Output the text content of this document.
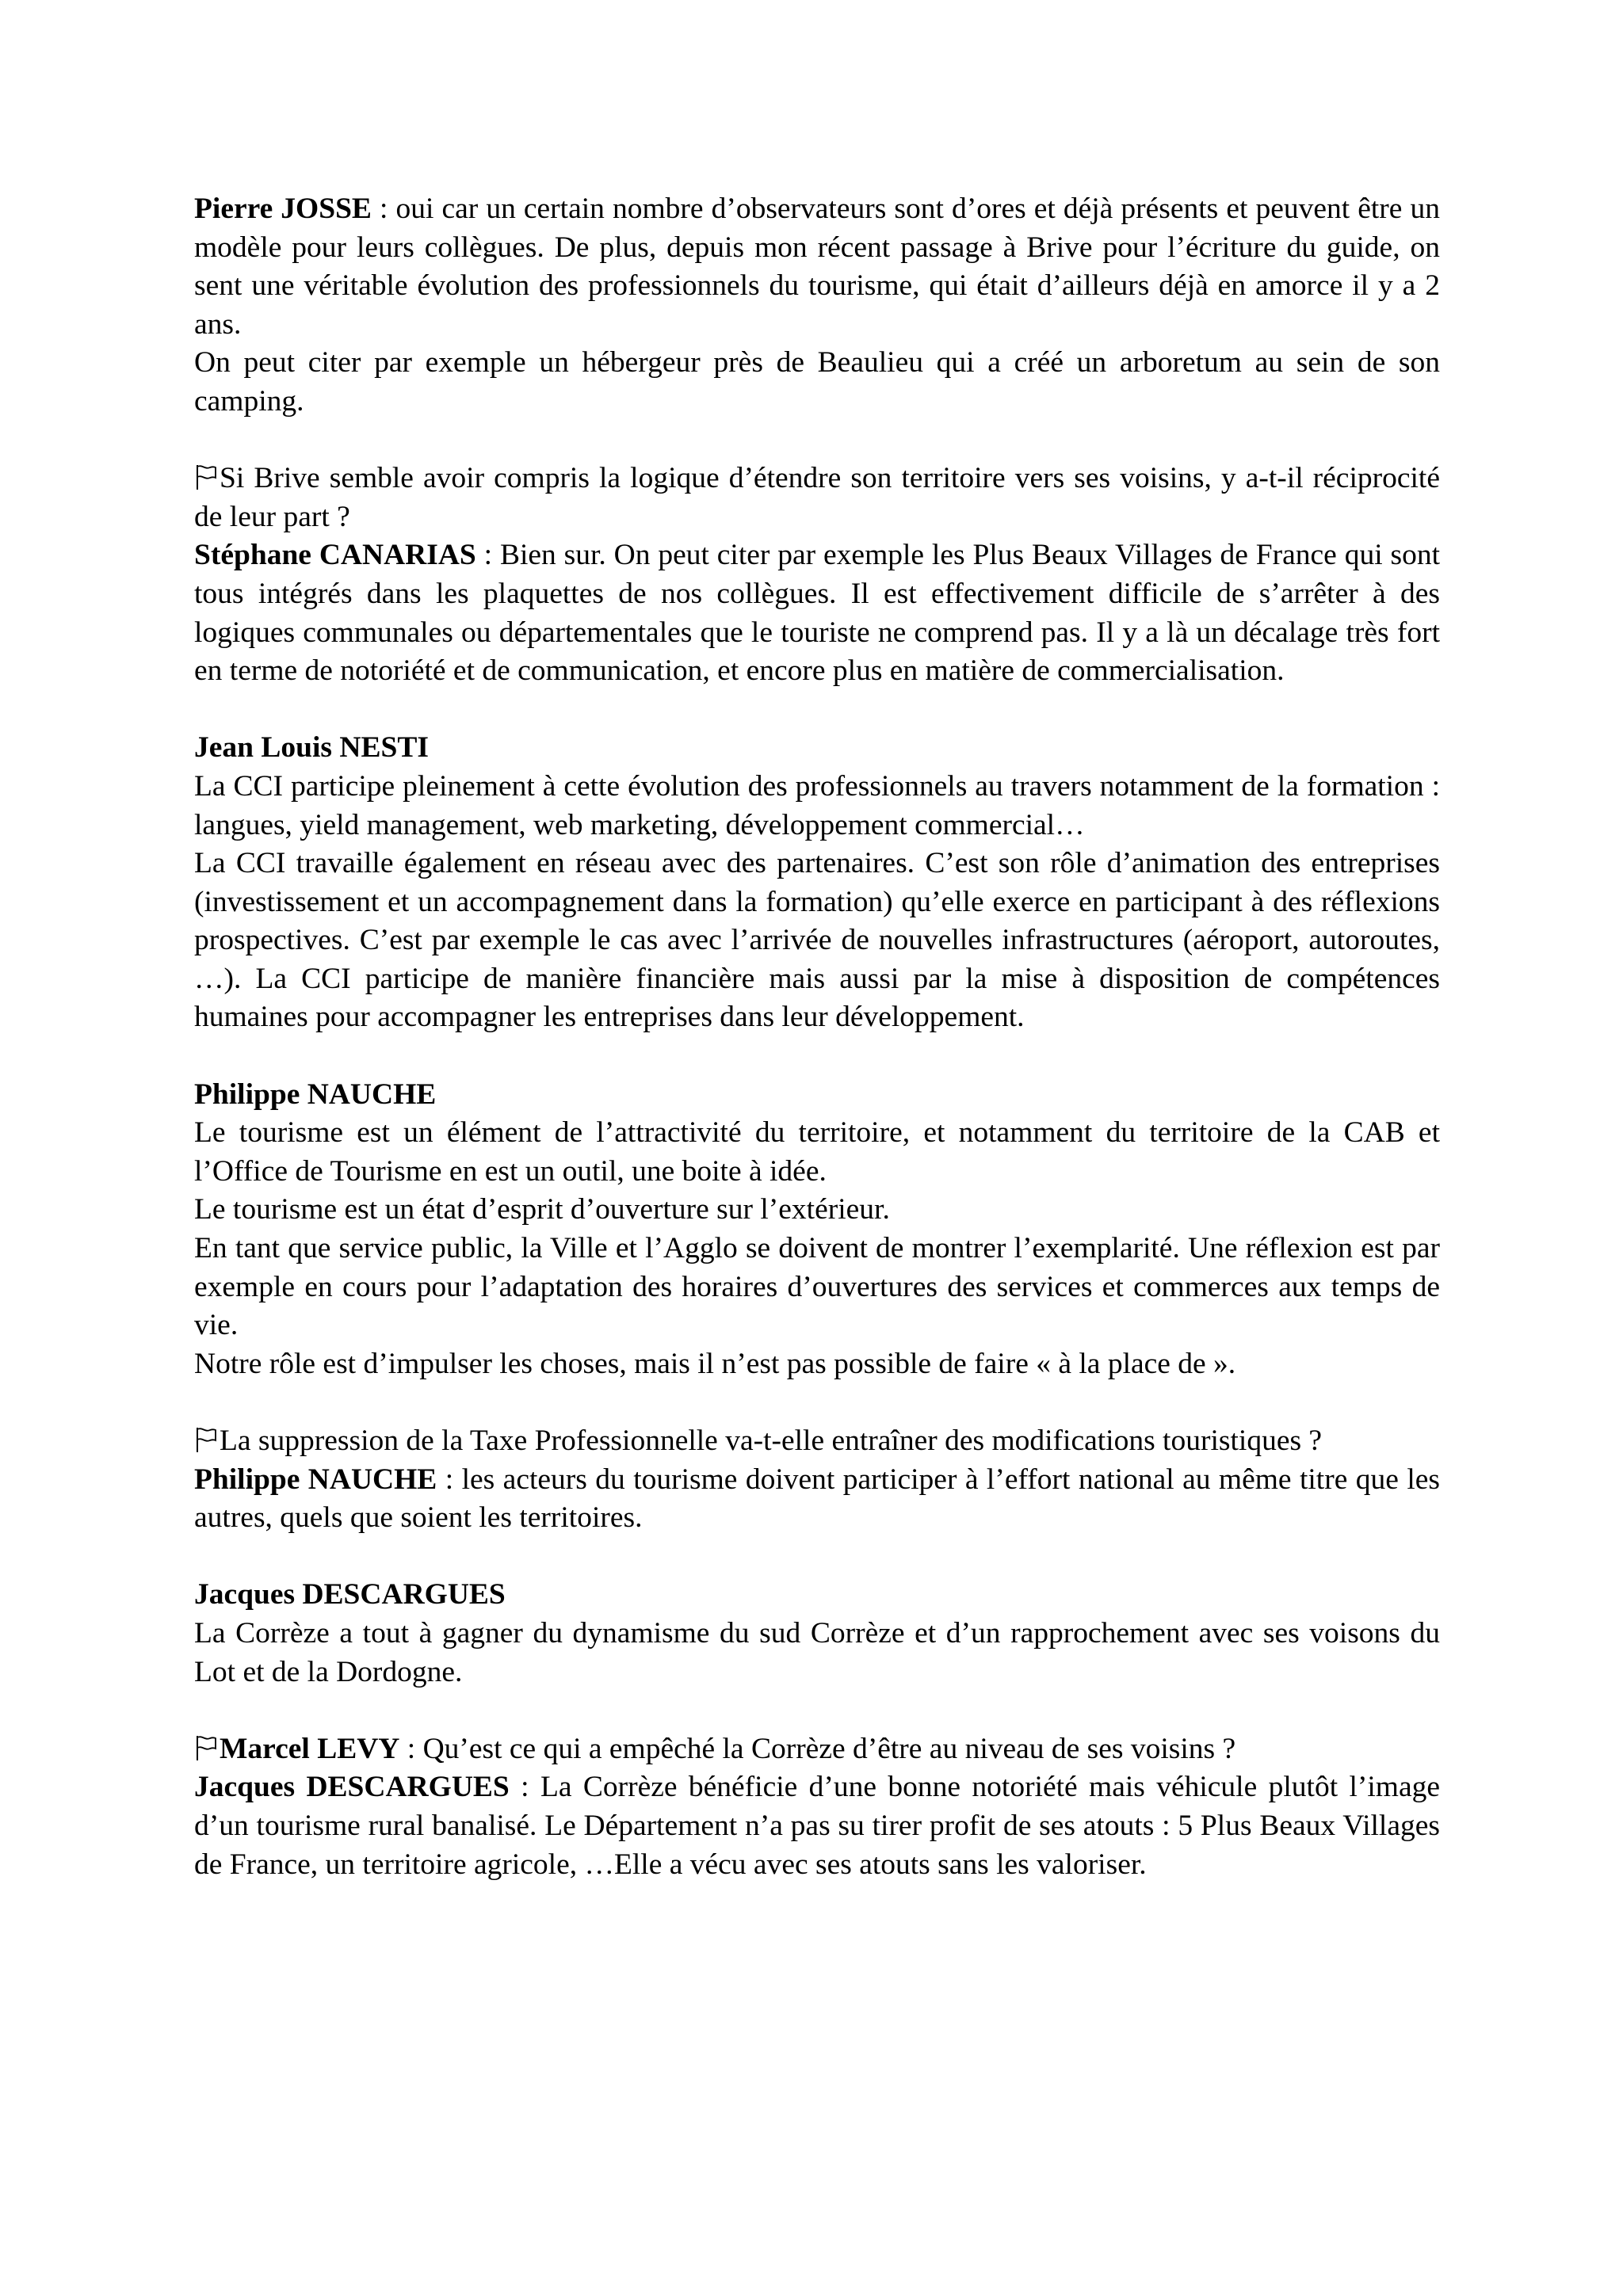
Pierre JOSSE : oui car un certain nombre d’observateurs sont d’ores et déjà présents et peuvent être un modèle pour leurs collègues. De plus, depuis mon récent passage à Brive pour l’écriture du guide, on sent une véritable évolution des professionnels du tourisme, qui était d’ailleurs déjà en amorce il y a 2 ans.

On peut citer par exemple un hébergeur près de Beaulieu qui a créé un arboretum au sein de son camping.

Si Brive semble avoir compris la logique d’étendre son territoire vers ses voisins, y a-t-il réciprocité de leur part ?

Stéphane CANARIAS : Bien sur. On peut citer par exemple les Plus Beaux Villages de France qui sont tous intégrés dans les plaquettes de nos collègues. Il est effectivement difficile de s’arrêter à des logiques communales ou départementales que le touriste ne comprend pas. Il y a là un décalage très fort en terme de notoriété et de communication, et encore plus en matière de commercialisation.

Jean Louis NESTI

La CCI participe pleinement à cette évolution des professionnels au travers notamment de la formation : langues, yield management, web marketing, développement commercial…

La CCI travaille également en réseau avec des partenaires. C’est son rôle d’animation des entreprises (investissement et un accompagnement dans la formation) qu’elle exerce en participant à des réflexions prospectives. C’est par exemple le cas avec l’arrivée de nouvelles infrastructures (aéroport, autoroutes, …). La CCI participe de manière financière mais aussi par la mise à disposition de compétences humaines pour accompagner les entreprises dans leur développement.

Philippe NAUCHE

Le tourisme est un élément de l’attractivité du territoire, et notamment du territoire de la CAB et l’Office de Tourisme en est un outil, une boite à idée.

Le tourisme est un état d’esprit d’ouverture sur l’extérieur.

En tant que service public, la Ville et l’Agglo se doivent de montrer l’exemplarité. Une réflexion est par exemple en cours pour l’adaptation des horaires d’ouvertures des services et commerces aux temps de vie.

Notre rôle est d’impulser les choses, mais il n’est pas possible de faire « à la place de ».

La suppression de la Taxe Professionnelle va-t-elle entraîner des modifications touristiques ?

Philippe NAUCHE : les acteurs du tourisme doivent participer à l’effort national au même titre que les autres, quels que soient les territoires.

Jacques DESCARGUES

La Corrèze a tout à gagner du dynamisme du sud Corrèze et d’un rapprochement avec ses voisons du Lot et de la Dordogne.

Marcel LEVY : Qu’est ce qui a empêché la Corrèze d’être au niveau de ses voisins ?

Jacques DESCARGUES : La Corrèze bénéficie d’une bonne notoriété mais véhicule plutôt l’image d’un tourisme rural banalisé. Le Département n’a pas su tirer profit de ses atouts : 5 Plus Beaux Villages de France, un territoire agricole, …Elle a vécu avec ses atouts sans les valoriser.
